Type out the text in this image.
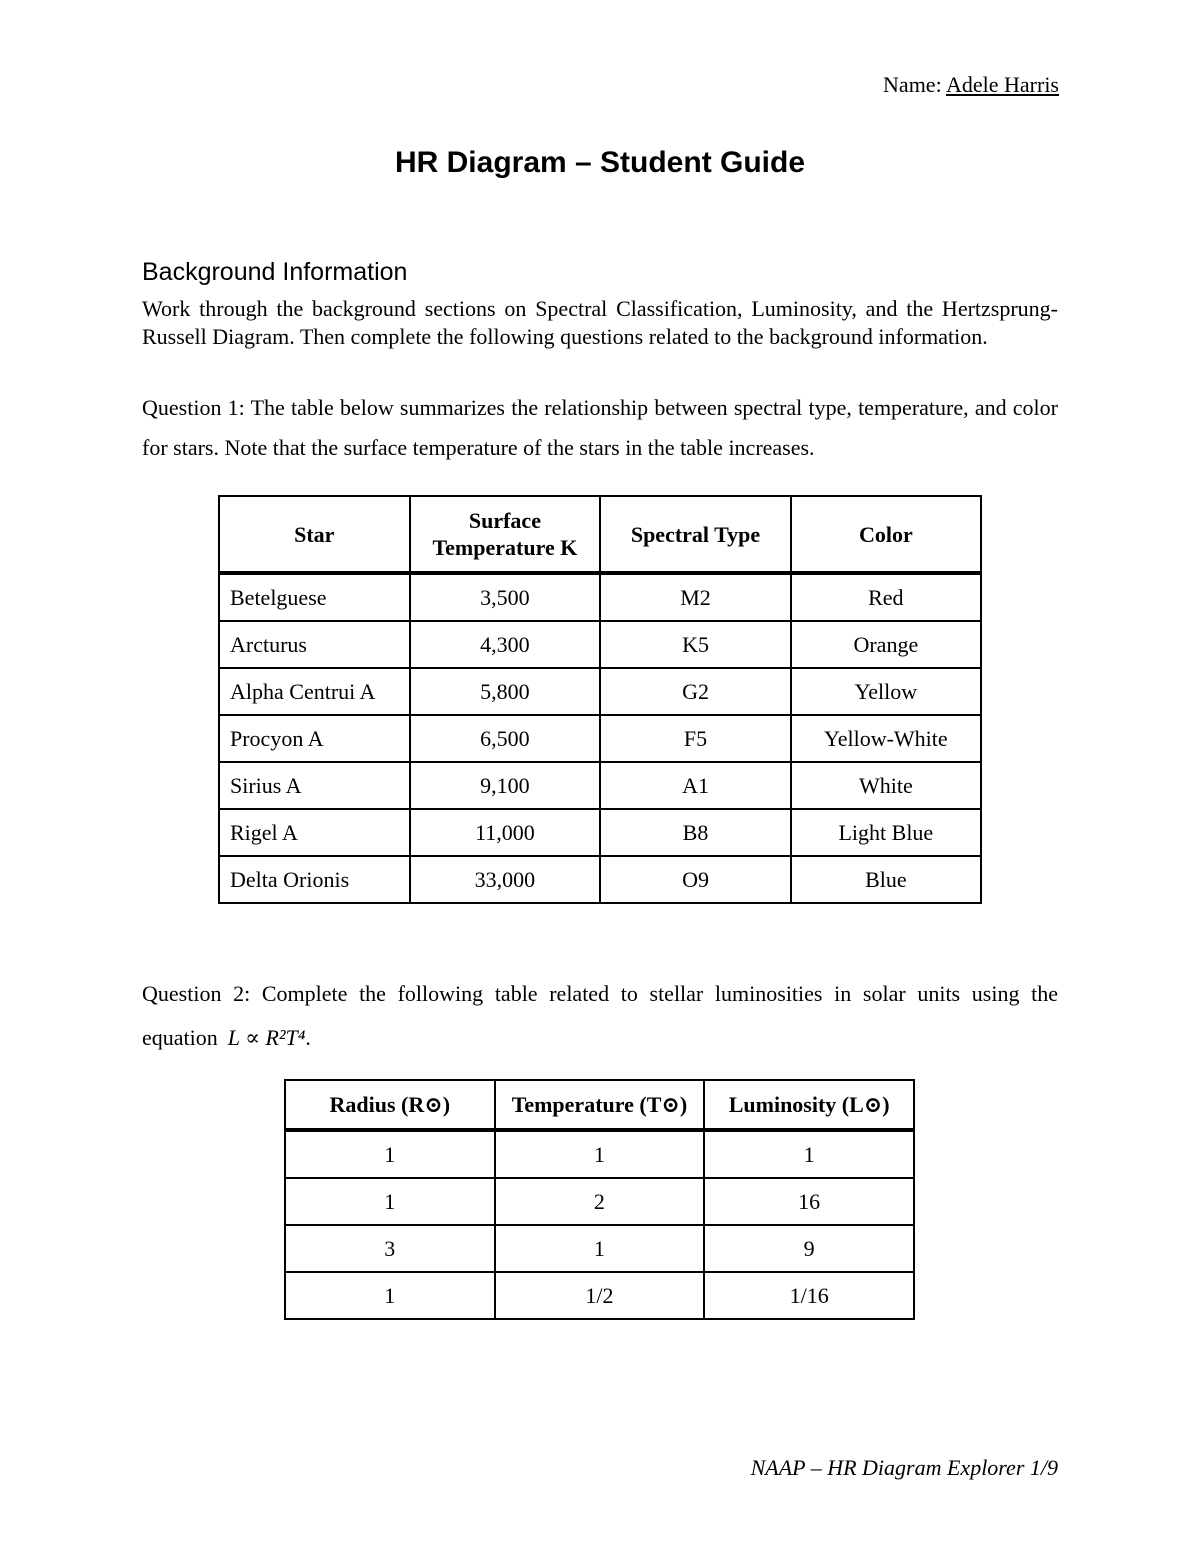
Name: Adele Harris
HR Diagram – Student Guide
Background Information

Work through the background sections on Spectral Classification, Luminosity, and the Hertzsprung-Russell Diagram. Then complete the following questions related to the background information.

Question 1: The table below summarizes the relationship between spectral type, temperature, and color for stars. Note that the surface temperature of the stars in the table increases.

Star	Surface Temperature K	Spectral Type	Color
Betelguese	3,500	M2	Red
Arcturus	4,300	K5	Orange
Alpha Centrui A	5,800	G2	Yellow
Procyon A	6,500	F5	Yellow-White
Sirius A	9,100	A1	White
Rigel A	11,000	B8	Light Blue
Delta Orionis	33,000	O9	Blue

Question 2: Complete the following table related to stellar luminosities in solar units using the equation L ∝ R²T⁴.

Radius (R⊙)	Temperature (T⊙)	Luminosity (L⊙)
1	1	1
1	2	16
3	1	9
1	1/2	1/16
NAAP – HR Diagram Explorer 1/9
